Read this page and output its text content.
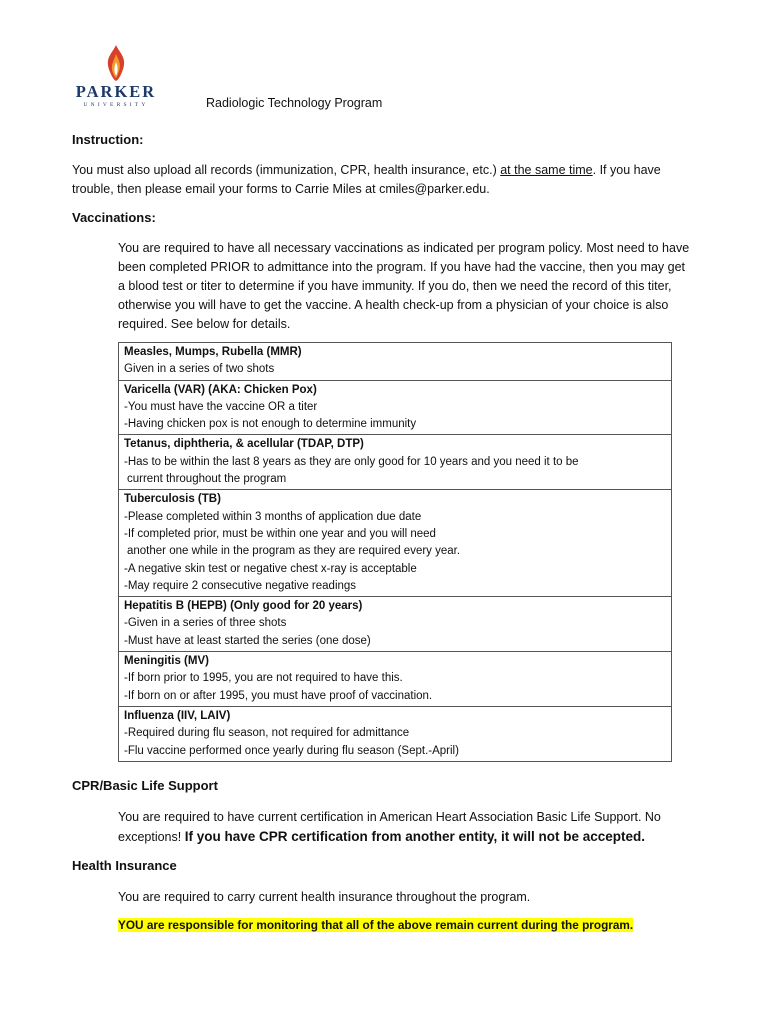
PARKER
UNIVERSITY	Radiologic Technology Program
Instruction:
You must also upload all records (immunization, CPR, health insurance, etc.) at the same time. If you have
trouble, then please email your forms to Carrie Miles at cmiles@parker.edu.
Vaccinations:
You are required to have all necessary vaccinations as indicated per program policy. Most need to have
been completed PRIOR to admittance into the program. If you have had the vaccine, then you may get
a blood test or titer to determine if you have immunity. If you do, then we need the record of this titer,
otherwise you will have to get the vaccine. A health check-up from a physician of your choice is also
required. See below for details.
Measles, Mumps, Rubella (MMR)
Given in a series of two shots

Varicella (VAR) (AKA: Chicken Pox)
-You must have the vaccine OR a titer
-Having chicken pox is not enough to determine immunity

Tetanus, diphtheria, & acellular (TDAP, DTP)
-Has to be within the last 8 years as they are only good for 10 years and you need it to be
current throughout the program

Tuberculosis (TB)
-Please completed within 3 months of application due date
-If completed prior, must be within one year and you will need
another one while in the program as they are required every year.
-A negative skin test or negative chest x-ray is acceptable
-May require 2 consecutive negative readings

Hepatitis B (HEPB) (Only good for 20 years)
-Given in a series of three shots
-Must have at least started the series (one dose)

Meningitis (MV)
-If born prior to 1995, you are not required to have this.
-If born on or after 1995, you must have proof of vaccination.

Influenza (IIV, LAIV)
-Required during flu season, not required for admittance
-Flu vaccine performed once yearly during flu season (Sept.-April)
CPR/Basic Life Support
You are required to have current certification in American Heart Association Basic Life Support. No
exceptions! If you have CPR certification from another entity, it will not be accepted.
Health Insurance
You are required to carry current health insurance throughout the program.
YOU are responsible for monitoring that all of the above remain current during the program.
